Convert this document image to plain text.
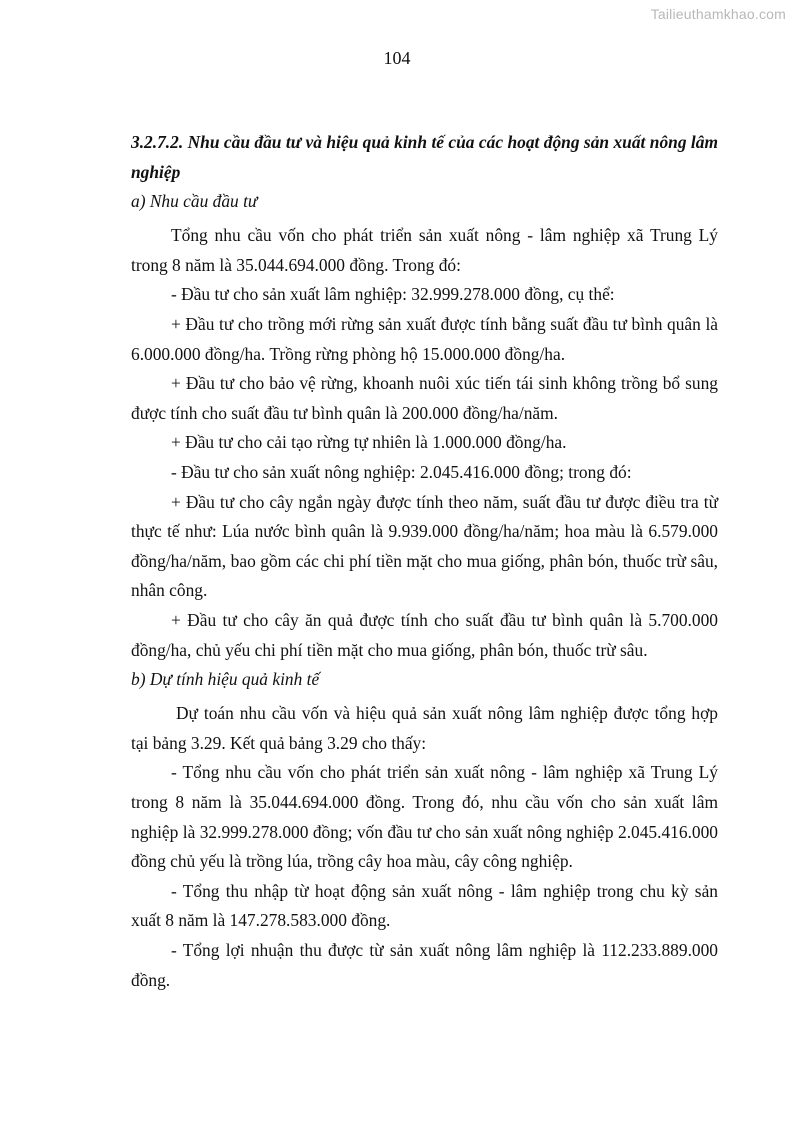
Tailieuthamkhao.com
104
3.2.7.2. Nhu cầu đầu tư và hiệu quả kinh tế của các hoạt động sản xuất nông lâm
nghiệp
a) Nhu cầu đầu tư
Tổng nhu cầu vốn cho phát triển sản xuất nông - lâm nghiệp xã Trung Lý
trong 8 năm là 35.044.694.000 đồng. Trong đó:
- Đầu tư cho sản xuất lâm nghiệp: 32.999.278.000 đồng, cụ thể:
+ Đầu tư cho trồng mới rừng sản xuất được tính bằng suất đầu tư bình quân là
6.000.000 đồng/ha. Trồng rừng phòng hộ 15.000.000 đồng/ha.
+ Đầu tư cho bảo vệ rừng, khoanh nuôi xúc tiến tái sinh không trồng bổ sung
được tính cho suất đầu tư bình quân là 200.000 đồng/ha/năm.
+ Đầu tư cho cải tạo rừng tự nhiên là 1.000.000 đồng/ha.
- Đầu tư cho sản xuất nông nghiệp: 2.045.416.000 đồng; trong đó:
+ Đầu tư cho cây ngắn ngày được tính theo năm, suất đầu tư được điều tra từ
thực tế như: Lúa nước bình quân là 9.939.000 đồng/ha/năm; hoa màu là 6.579.000
đồng/ha/năm, bao gồm các chi phí tiền mặt cho mua giống, phân bón, thuốc trừ sâu,
nhân công.
+ Đầu tư cho cây ăn quả được tính cho suất đầu tư bình quân là 5.700.000
đồng/ha, chủ yếu chi phí tiền mặt cho mua giống, phân bón, thuốc trừ sâu.
b) Dự tính hiệu quả kinh tế
Dự toán nhu cầu vốn và hiệu quả sản xuất nông lâm nghiệp được tổng hợp
tại bảng 3.29. Kết quả bảng 3.29 cho thấy:
- Tổng nhu cầu vốn cho phát triển sản xuất nông - lâm nghiệp xã Trung Lý
trong 8 năm là 35.044.694.000 đồng. Trong đó, nhu cầu vốn cho sản xuất lâm
nghiệp là 32.999.278.000 đồng; vốn đầu tư cho sản xuất nông nghiệp 2.045.416.000
đồng chủ yếu là trồng lúa, trồng cây hoa màu, cây công nghiệp.
- Tổng thu nhập từ hoạt động sản xuất nông - lâm nghiệp trong chu kỳ sản
xuất 8 năm là 147.278.583.000 đồng.
- Tổng lợi nhuận thu được từ sản xuất nông lâm nghiệp là 112.233.889.000
đồng.
